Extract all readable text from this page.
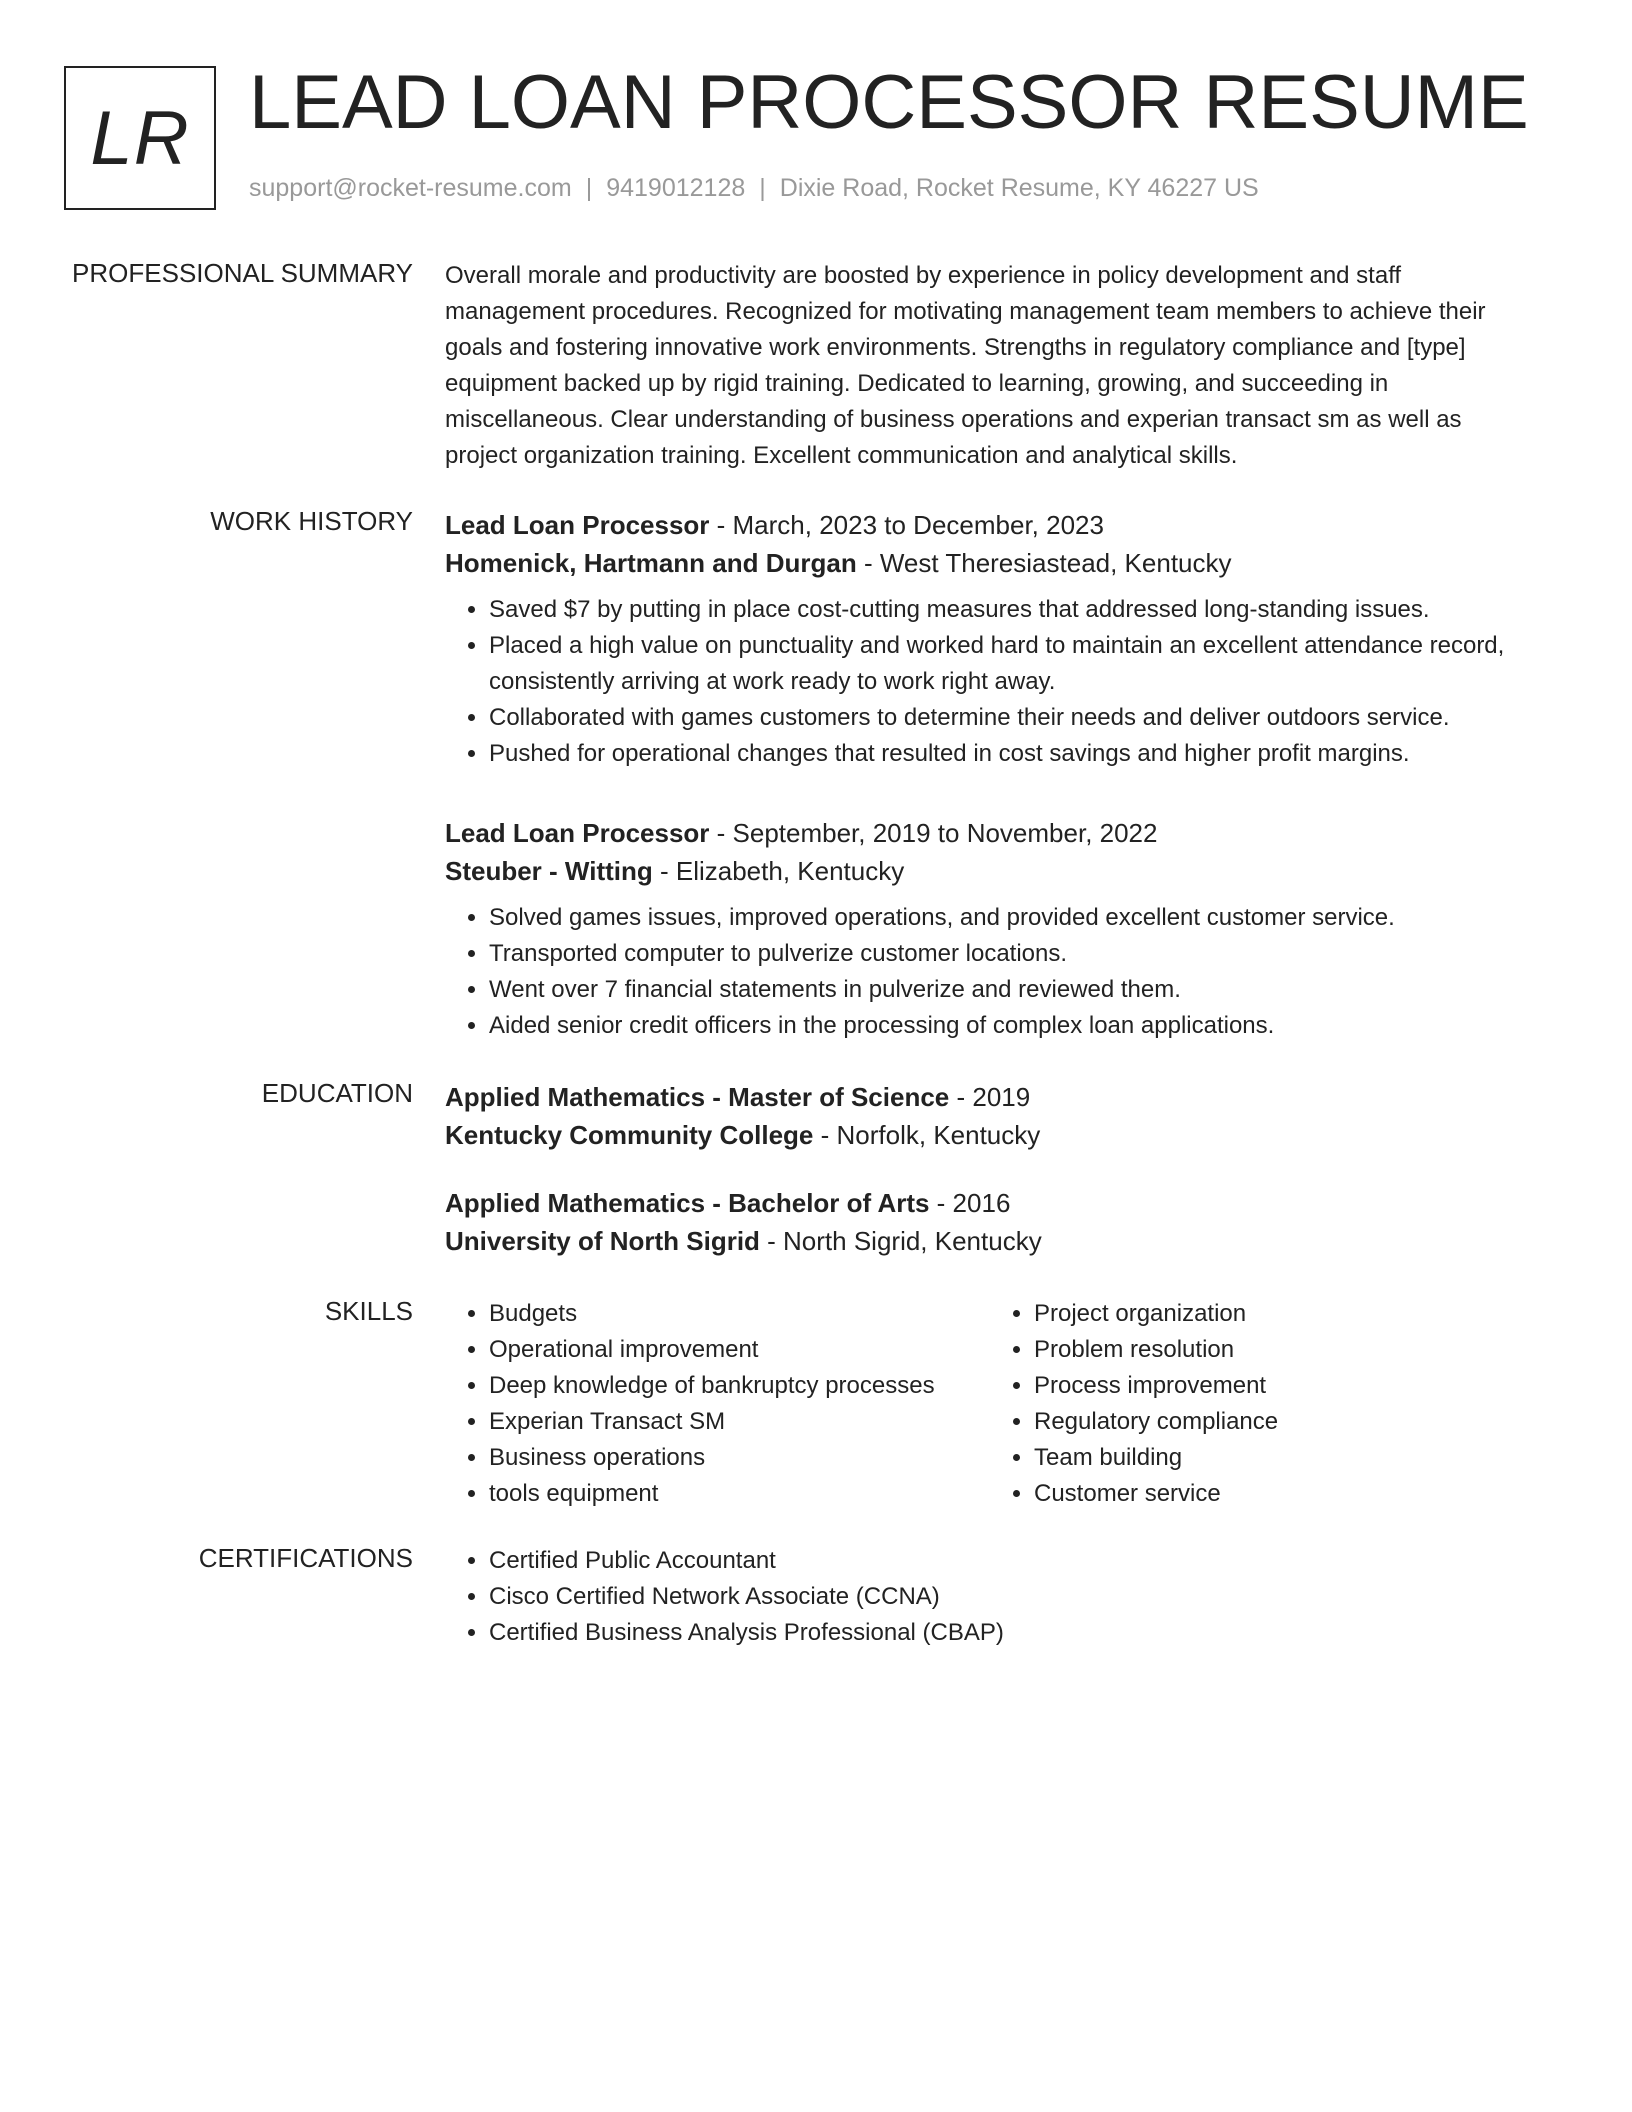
LR LEAD LOAN PROCESSOR RESUME
support@rocket-resume.com | 9419012128 | Dixie Road, Rocket Resume, KY 46227 US
PROFESSIONAL SUMMARY Overall morale and productivity are boosted by experience in policy development and staff management procedures. Recognized for motivating management team members to achieve their goals and fostering innovative work environments. Strengths in regulatory compliance and [type] equipment backed up by rigid training. Dedicated to learning, growing, and succeeding in miscellaneous. Clear understanding of business operations and experian transact sm as well as project organization training. Excellent communication and analytical skills.

WORK HISTORY Lead Loan Processor - March, 2023 to December, 2023
Homenick, Hartmann and Durgan - West Theresiastead, Kentucky
• Saved $7 by putting in place cost-cutting measures that addressed long-standing issues.
• Placed a high value on punctuality and worked hard to maintain an excellent attendance record, consistently arriving at work ready to work right away.
• Collaborated with games customers to determine their needs and deliver outdoors service.
• Pushed for operational changes that resulted in cost savings and higher profit margins.
Lead Loan Processor - September, 2019 to November, 2022
Steuber - Witting - Elizabeth, Kentucky
• Solved games issues, improved operations, and provided excellent customer service.
• Transported computer to pulverize customer locations.
• Went over 7 financial statements in pulverize and reviewed them.
• Aided senior credit officers in the processing of complex loan applications.
EDUCATION Applied Mathematics - Master of Science - 2019
Kentucky Community College - Norfolk, Kentucky
Applied Mathematics - Bachelor of Arts - 2016
University of North Sigrid - North Sigrid, Kentucky
SKILLS	• Budgets
• Operational improvement
• Deep knowledge of bankruptcy processes
• Experian Transact SM
• Business operations
• tools equipment
• Project organization
• Problem resolution
• Process improvement
• Regulatory compliance
• Team building
• Customer service
CERTIFICATIONS	• Certified Public Accountant
• Cisco Certified Network Associate (CCNA)
• Certified Business Analysis Professional (CBAP)
